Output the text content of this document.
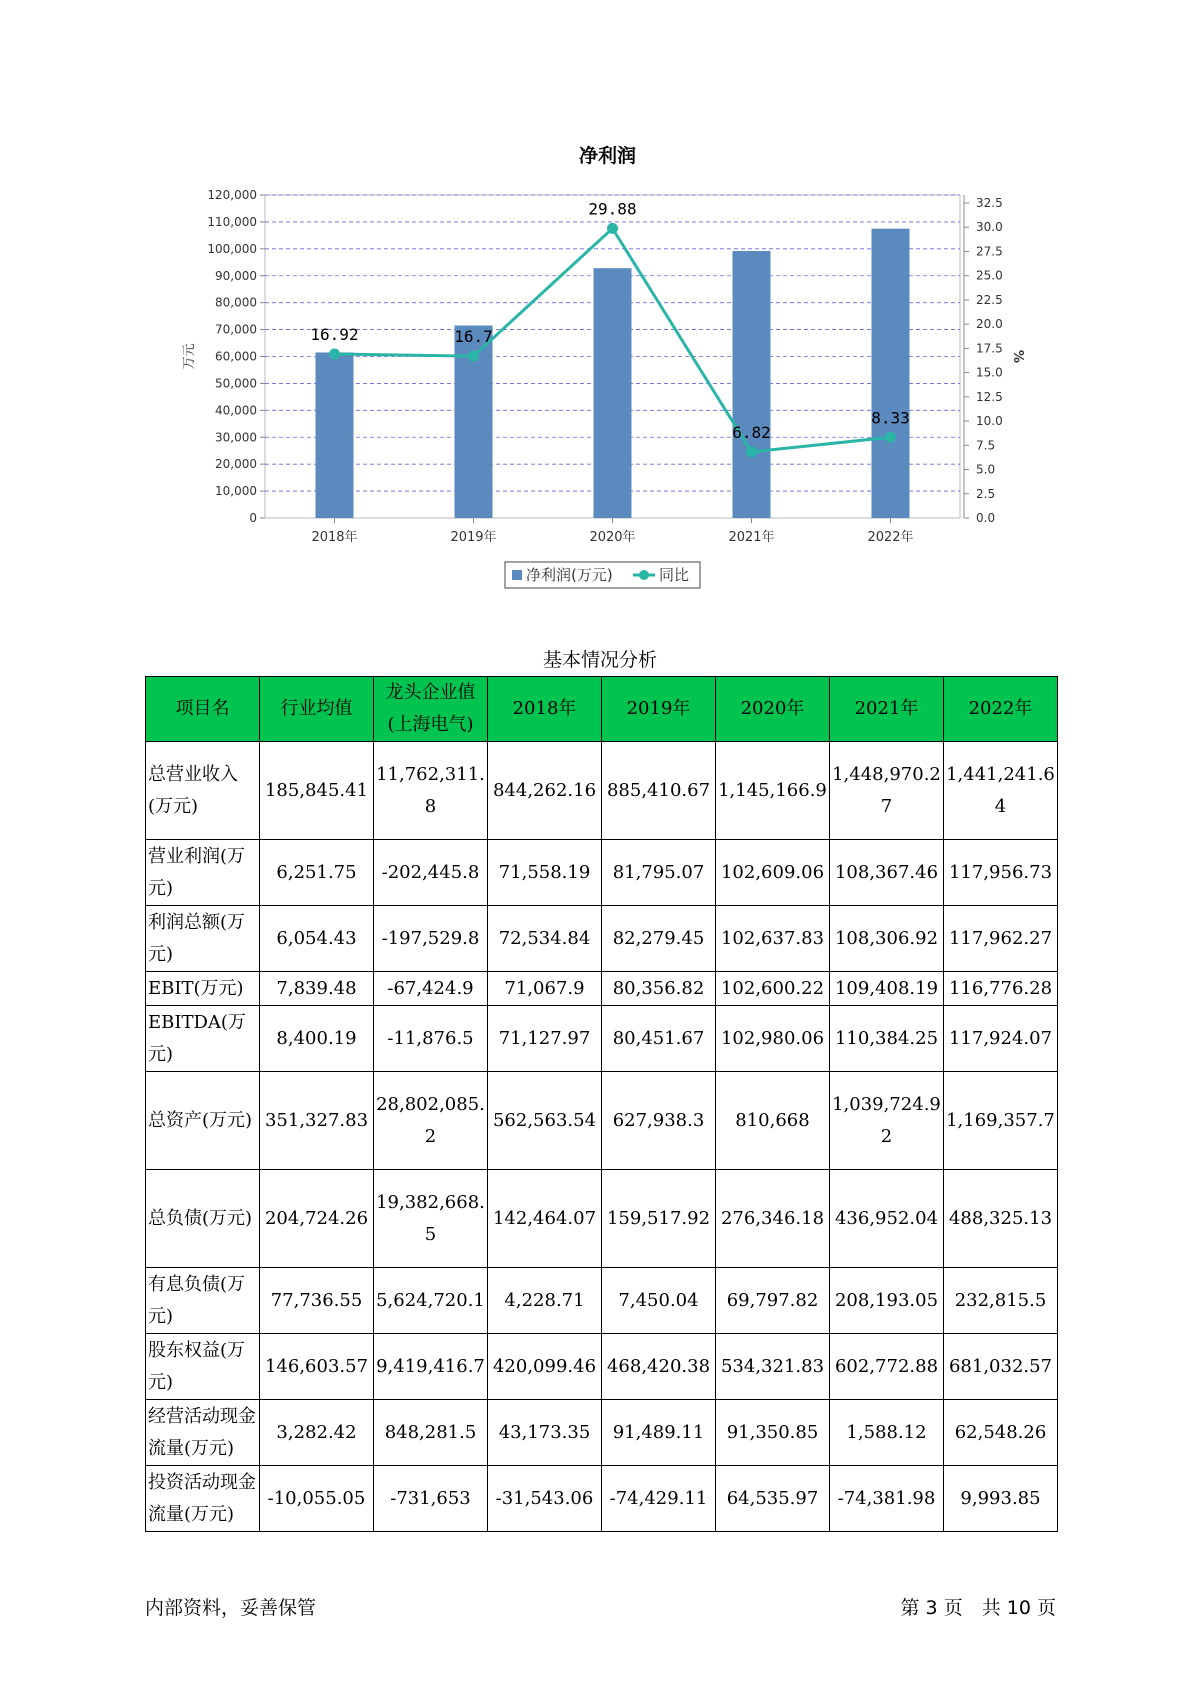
净利润
0
10,000
20,000
30,000
40,000
50,000
60,000
70,000
80,000
90,000
100,000
110,000
120,000
0.0
2.5
5.0
7.5
10.0
12.5
15.0
17.5
20.0
22.5
25.0
27.5
30.0
32.5
万元	%
2018年	2019年	2020年	2021年	2022年
16.92	16.7
29.88
6.82
8.33
净利润(万元)	同比
基本情况分析
项目名	行业均值	龙头企业值(上海电气)	2018年	2019年	2020年	2021年	2022年
总营业收入(万元)	185,845.41	11,762,311.8	844,262.16	885,410.67	1,145,166.9	1,448,970.27	1,441,241.64
营业利润(万元)	6,251.75	-202,445.8	71,558.19	81,795.07	102,609.06	108,367.46	117,956.73
利润总额(万元)	6,054.43	-197,529.8	72,534.84	82,279.45	102,637.83	108,306.92	117,962.27
EBIT(万元)	7,839.48	-67,424.9	71,067.9	80,356.82	102,600.22	109,408.19	116,776.28
EBITDA(万元)	8,400.19	-11,876.5	71,127.97	80,451.67	102,980.06	110,384.25	117,924.07
总资产(万元)	351,327.83	28,802,085.2	562,563.54	627,938.3	810,668	1,039,724.92	1,169,357.7
总负债(万元)	204,724.26	19,382,668.5	142,464.07	159,517.92	276,346.18	436,952.04	488,325.13
有息负债(万元)	77,736.55	5,624,720.1	4,228.71	7,450.04	69,797.82	208,193.05	232,815.5
股东权益(万元)	146,603.57	9,419,416.7	420,099.46	468,420.38	534,321.83	602,772.88	681,032.57
经营活动现金流量(万元)	3,282.42	848,281.5	43,173.35	91,489.11	91,350.85	1,588.12	62,548.26
投资活动现金流量(万元)	-10,055.05	-731,653	-31,543.06	-74,429.11	64,535.97	-74,381.98	9,993.85
内部资料，妥善保管	第 3 页　共 10 页
